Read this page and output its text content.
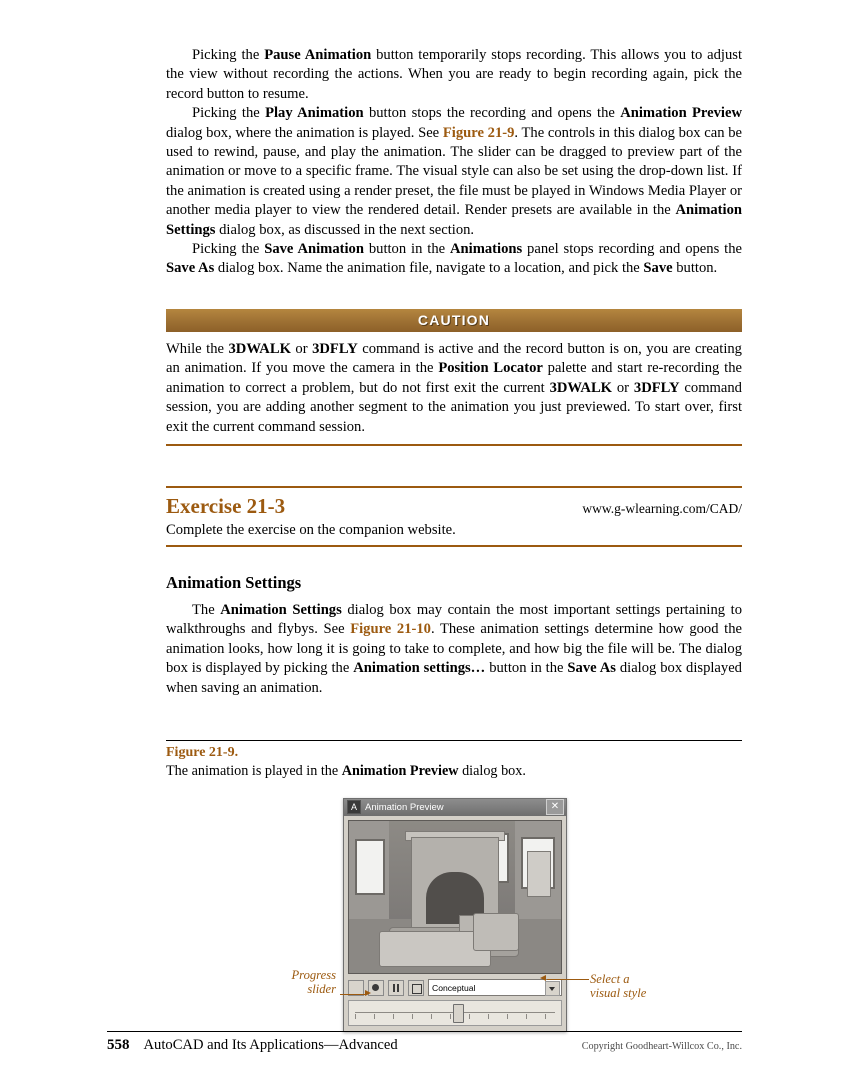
Picking the Pause Animation button temporarily stops recording. This allows you to adjust the view without recording the actions. When you are ready to begin recording again, pick the record button to resume.

Picking the Play Animation button stops the recording and opens the Animation Preview dialog box, where the animation is played. See Figure 21-9. The controls in this dialog box can be used to rewind, pause, and play the animation. The slider can be dragged to preview part of the animation or move to a specific frame. The visual style can also be set using the drop-down list. If the animation is created using a render preset, the file must be played in Windows Media Player or another media player to view the rendered detail. Render presets are available in the Animation Settings dialog box, as discussed in the next section.

Picking the Save Animation button in the Animations panel stops recording and opens the Save As dialog box. Name the animation file, navigate to a location, and pick the Save button.

CAUTION
While the 3DWALK or 3DFLY command is active and the record button is on, you are creating an animation. If you move the camera in the Position Locator palette and start re-recording the animation to correct a problem, but do not first exit the current 3DWALK or 3DFLY command session, you are adding another segment to the animation you just previewed. To start over, first exit the current command session.
Exercise 21-3	www.g-wlearning.com/CAD/
Complete the exercise on the companion website.
Animation Settings

The Animation Settings dialog box may contain the most important settings pertaining to walkthroughs and flybys. See Figure 21-10. These animation settings determine how good the animation looks, how long it is going to take to complete, and how big the file will be. The dialog box is displayed by picking the Animation settings… button in the Save As dialog box displayed when saving an animation.

Figure 21-9.
The animation is played in the Animation Preview dialog box.
A Animation Preview	✕
Conceptual
Progress
slider
Select a
visual style
558 AutoCAD and Its Applications—Advanced	Copyright Goodheart-Willcox Co., Inc.
